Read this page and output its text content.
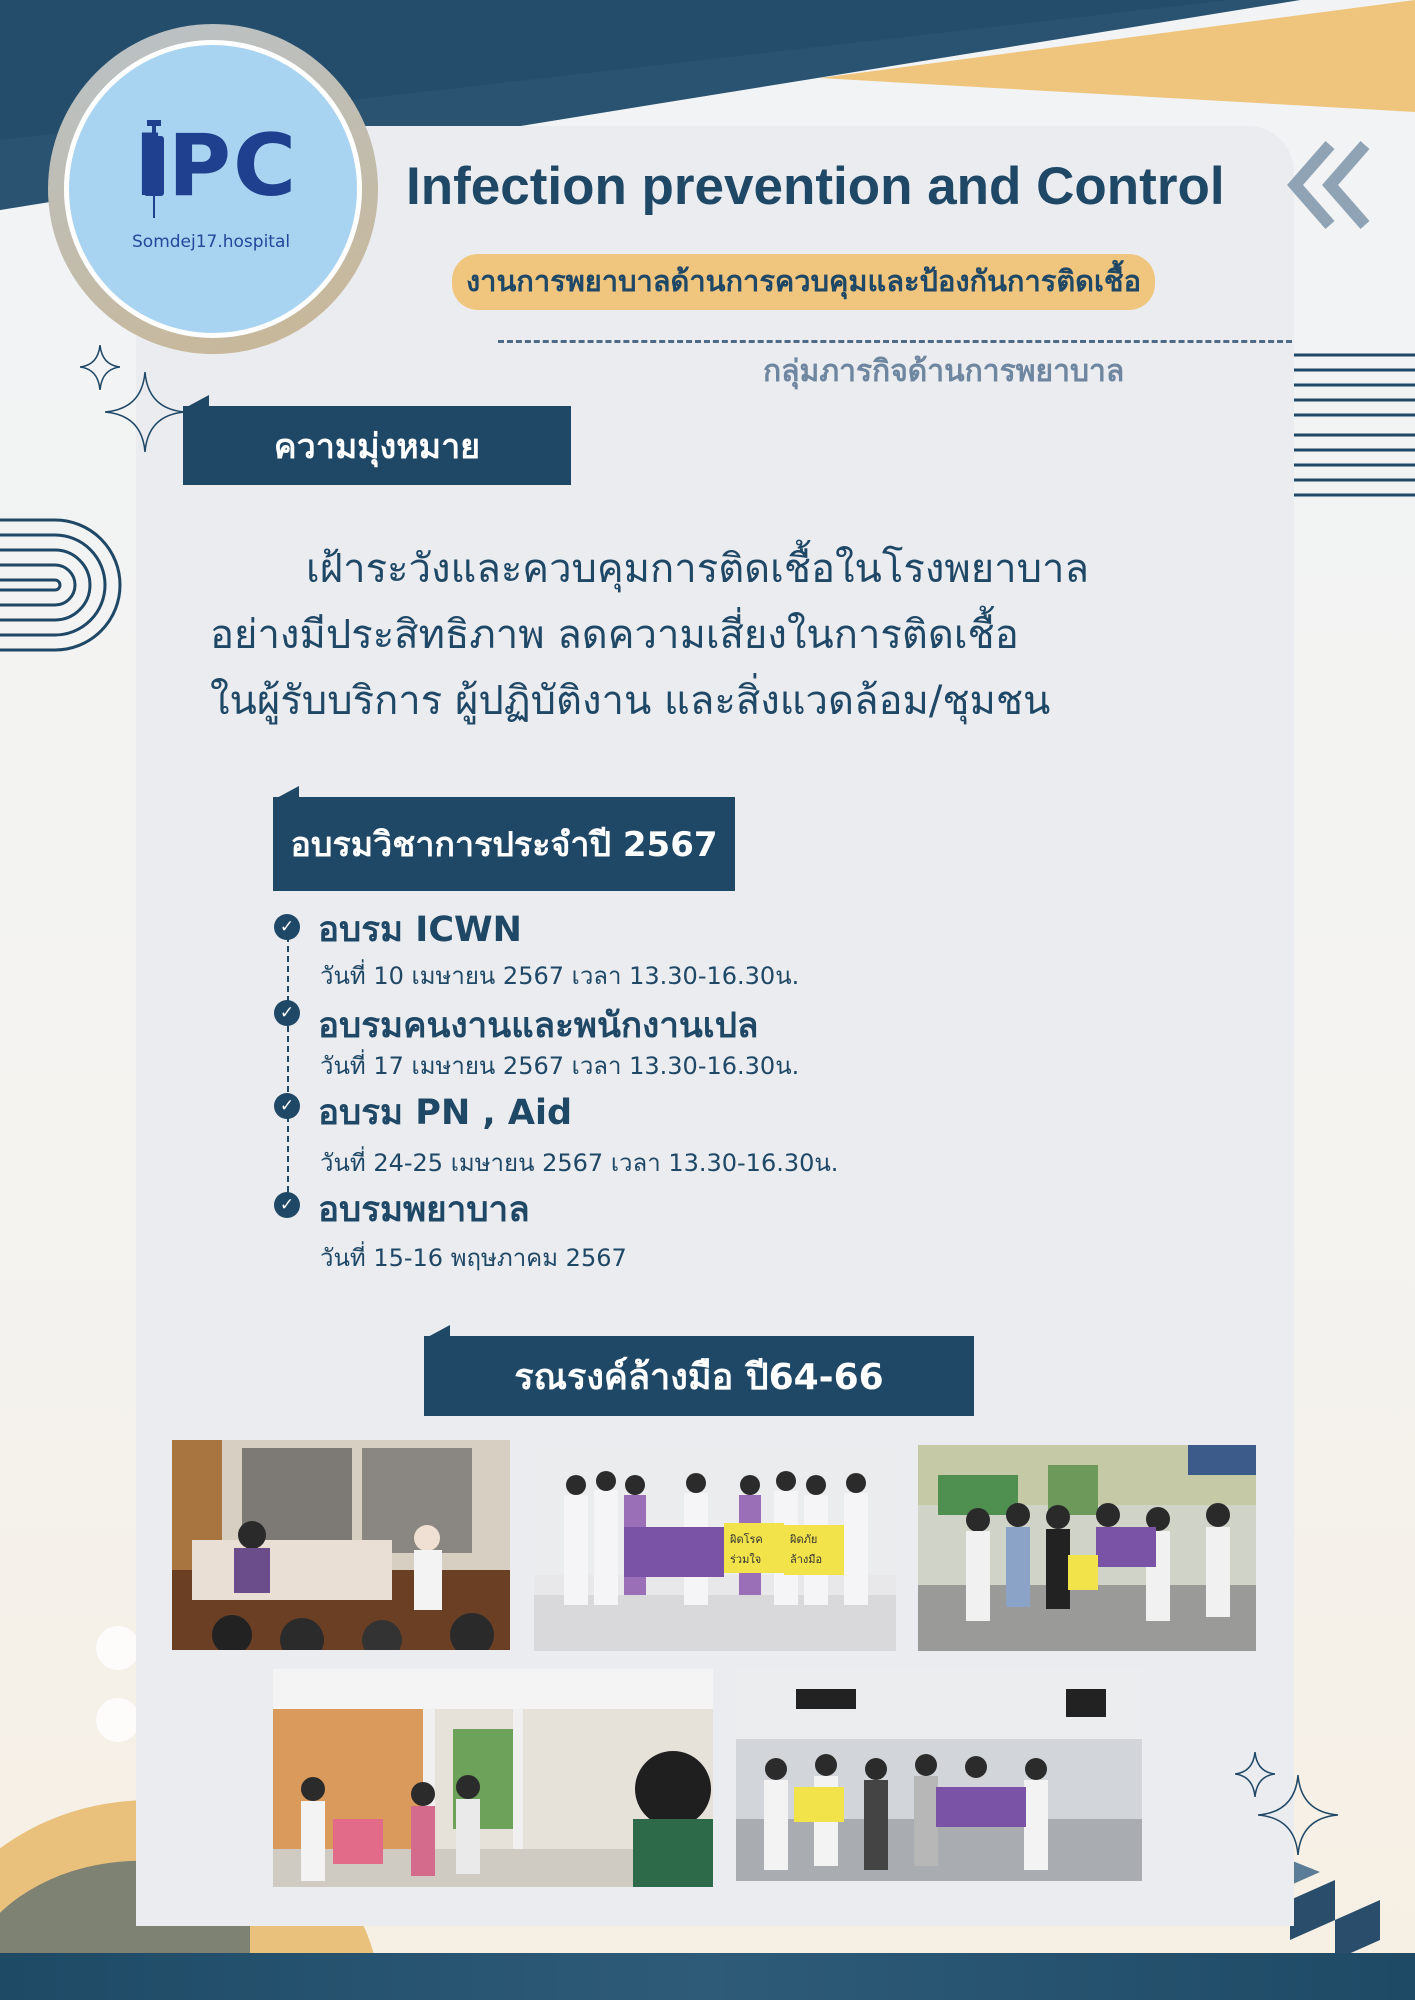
IPC
Somdej17.hospital
Infection prevention and Control
งานการพยาบาลด้านการควบคุมและป้องกันการติดเชื้อ
กลุ่มภารกิจด้านการพยาบาล
ความมุ่งหมาย
เฝ้าระวังและควบคุมการติดเชื้อในโรงพยาบาล
อย่างมีประสิทธิภาพ ลดความเสี่ยงในการติดเชื้อ
ในผู้รับบริการ ผู้ปฏิบัติงาน และสิ่งแวดล้อม/ชุมชน
อบรมวิชาการประจำปี 2567
✓ อบรม ICWN
วันที่ 10 เมษายน 2567 เวลา 13.30-16.30น.
✓ อบรมคนงานและพนักงานเปล
วันที่ 17 เมษายน 2567 เวลา 13.30-16.30น.
✓ อบรม PN , Aid
วันที่ 24-25 เมษายน 2567 เวลา 13.30-16.30น.
✓ อบรมพยาบาล
วันที่ 15-16 พฤษภาคม 2567
รณรงค์ล้างมือ ปี64-66
ผิดโรค ผิดภัย
ร่วมใจ	ล้างมือ
